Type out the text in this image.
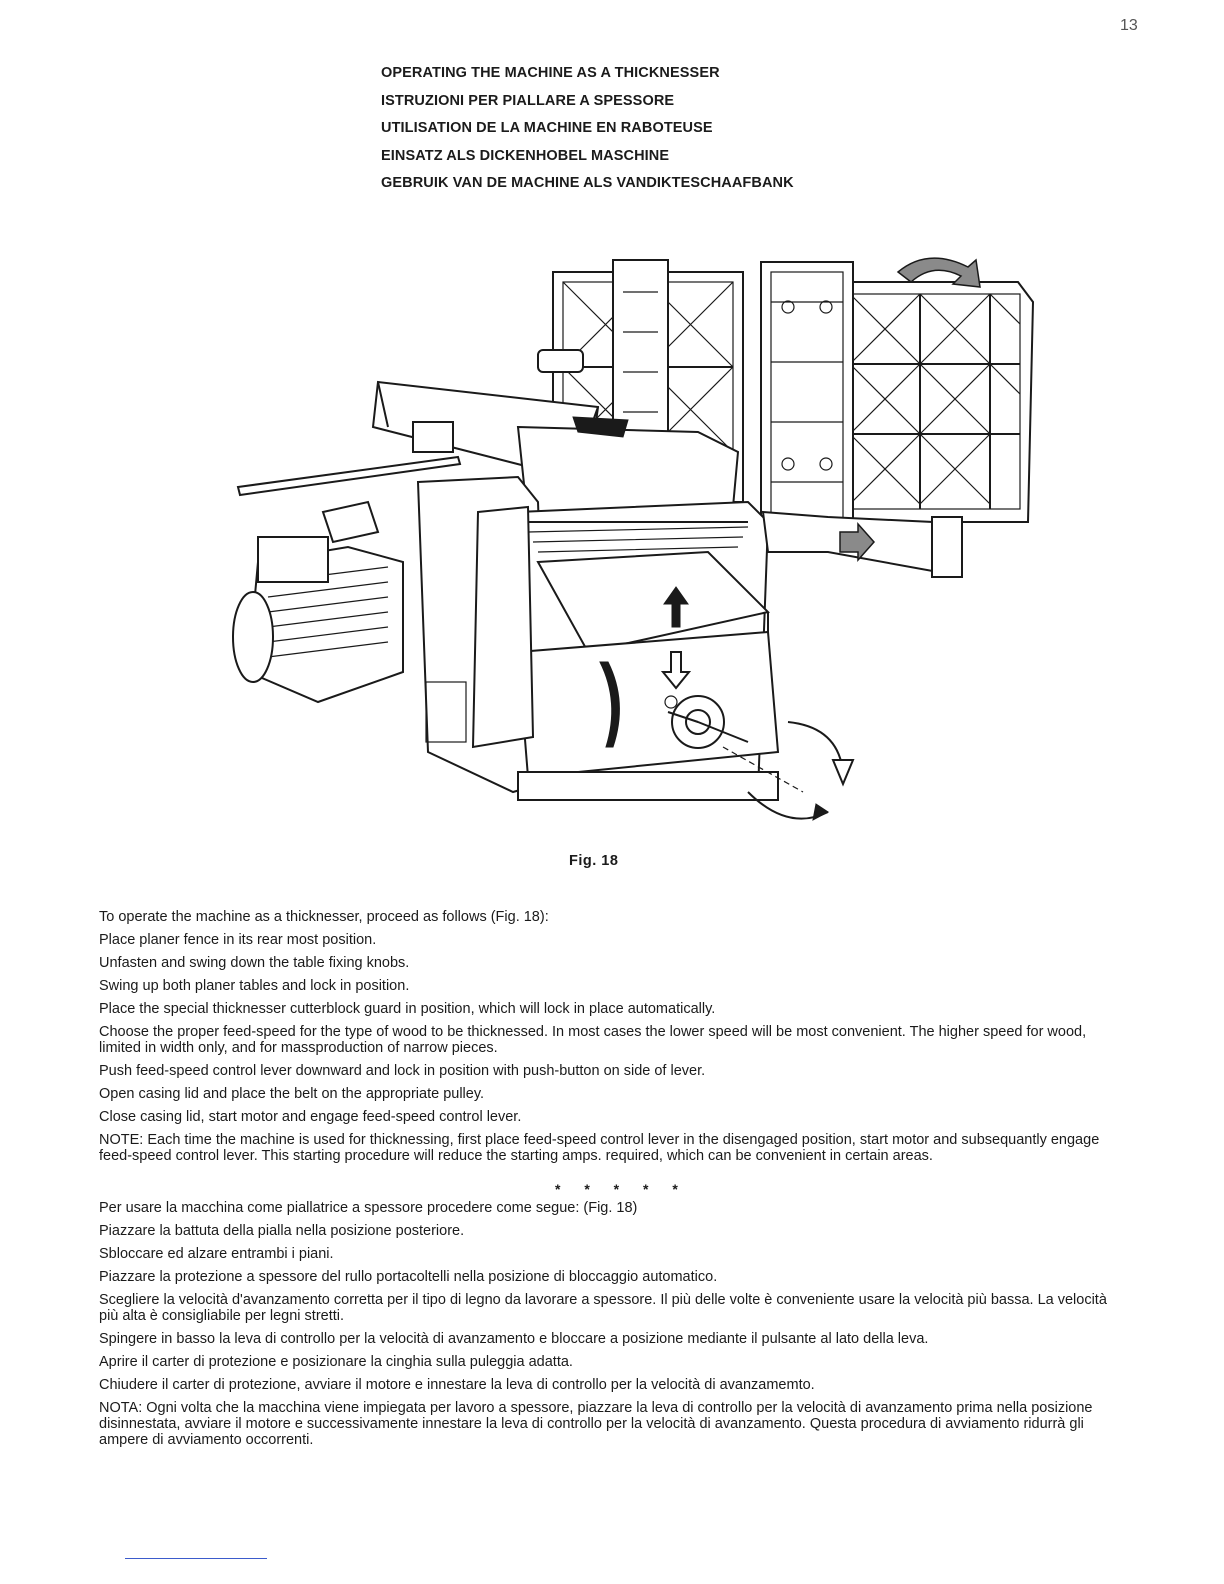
13
OPERATING THE MACHINE AS A THICKNESSER
ISTRUZIONI PER PIALLARE A SPESSORE
UTILISATION DE LA MACHINE EN RABOTEUSE
EINSATZ ALS DICKENHOBEL MASCHINE
GEBRUIK VAN DE MACHINE ALS VANDIKTESCHAAFBANK
Fig. 18

To operate the machine as a thicknesser, proceed as follows (Fig. 18):

Place planer fence in its rear most position.

Unfasten and swing down the table fixing knobs.

Swing up both planer tables and lock in position.

Place the special thicknesser cutterblock guard in position, which will lock in place automatically.

Choose the proper feed-speed for the type of wood to be thicknessed. In most cases the lower speed will be most convenient. The higher speed for wood, limited in width only, and for massproduction of narrow pieces.

Push feed-speed control lever downward and lock in position with push-button on side of lever.

Open casing lid and place the belt on the appropriate pulley.

Close casing lid, start motor and engage feed-speed control lever.

NOTE: Each time the machine is used for thicknessing, first place feed-speed control lever in the disengaged position, start motor and subsequantly engage feed-speed control lever. This starting procedure will reduce the starting amps. required, which can be convenient in certain areas.

* * * * *

Per usare la macchina come piallatrice a spessore procedere come segue: (Fig. 18)

Piazzare la battuta della pialla nella posizione posteriore.

Sbloccare ed alzare entrambi i piani.

Piazzare la protezione a spessore del rullo portacoltelli nella posizione di bloccaggio automatico.

Scegliere la velocità d'avanzamento corretta per il tipo di legno da lavorare a spessore. Il più delle volte è conveniente usare la velocità più bassa. La velocità più alta è consigliabile per legni stretti.

Spingere in basso la leva di controllo per la velocità di avanzamento e bloccare a posizione mediante il pulsante al lato della leva.

Aprire il carter di protezione e posizionare la cinghia sulla puleggia adatta.

Chiudere il carter di protezione, avviare il motore e innestare la leva di controllo per la velocità di avanzamemto.

NOTA: Ogni volta che la macchina viene impiegata per lavoro a spessore, piazzare la leva di controllo per la velocità di avanzamento prima nella posizione disinnestata, avviare il motore e successivamente innestare la leva di controllo per la velocità di avanzamento. Questa procedura di avviamento ridurrà gli ampere di avviamento occorrenti.
